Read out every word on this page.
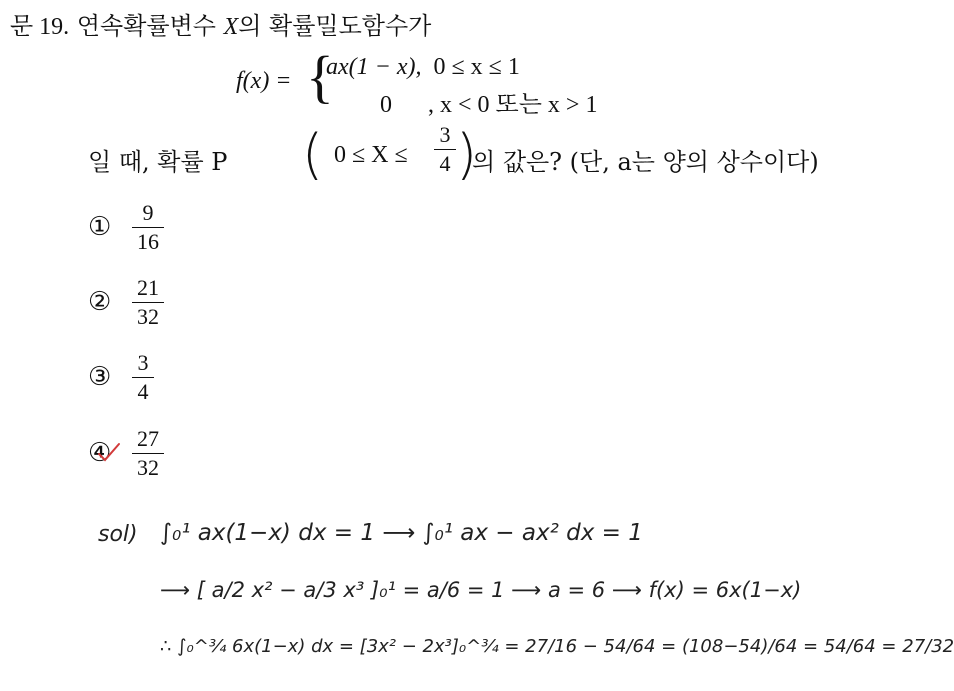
문 19. 연속확률변수 X의 확률밀도함수가
f(x) = {
ax(1 − x), 0 ≤ x ≤ 1
0 , x < 0 또는 x > 1
일 때, 확률 P ( 0 ≤ X ≤
3
4 )
의 값은? (단, a는 양의 상수이다)
①	9
16
② 21
32
③ 3
4
④ 27
32
sol) ∫₀¹ ax(1−x) dx = 1 ⟶ ∫₀¹ ax − ax² dx = 1
⟶ [ a/2 x² − a/3 x³ ]₀¹ = a/6 = 1 ⟶ a = 6 ⟶ f(x) = 6x(1−x)
∴ ∫₀^¾ 6x(1−x) dx = [3x² − 2x³]₀^¾ = 27/16 − 54/64 = (108−54)/64 = 54/64 = 27/32
